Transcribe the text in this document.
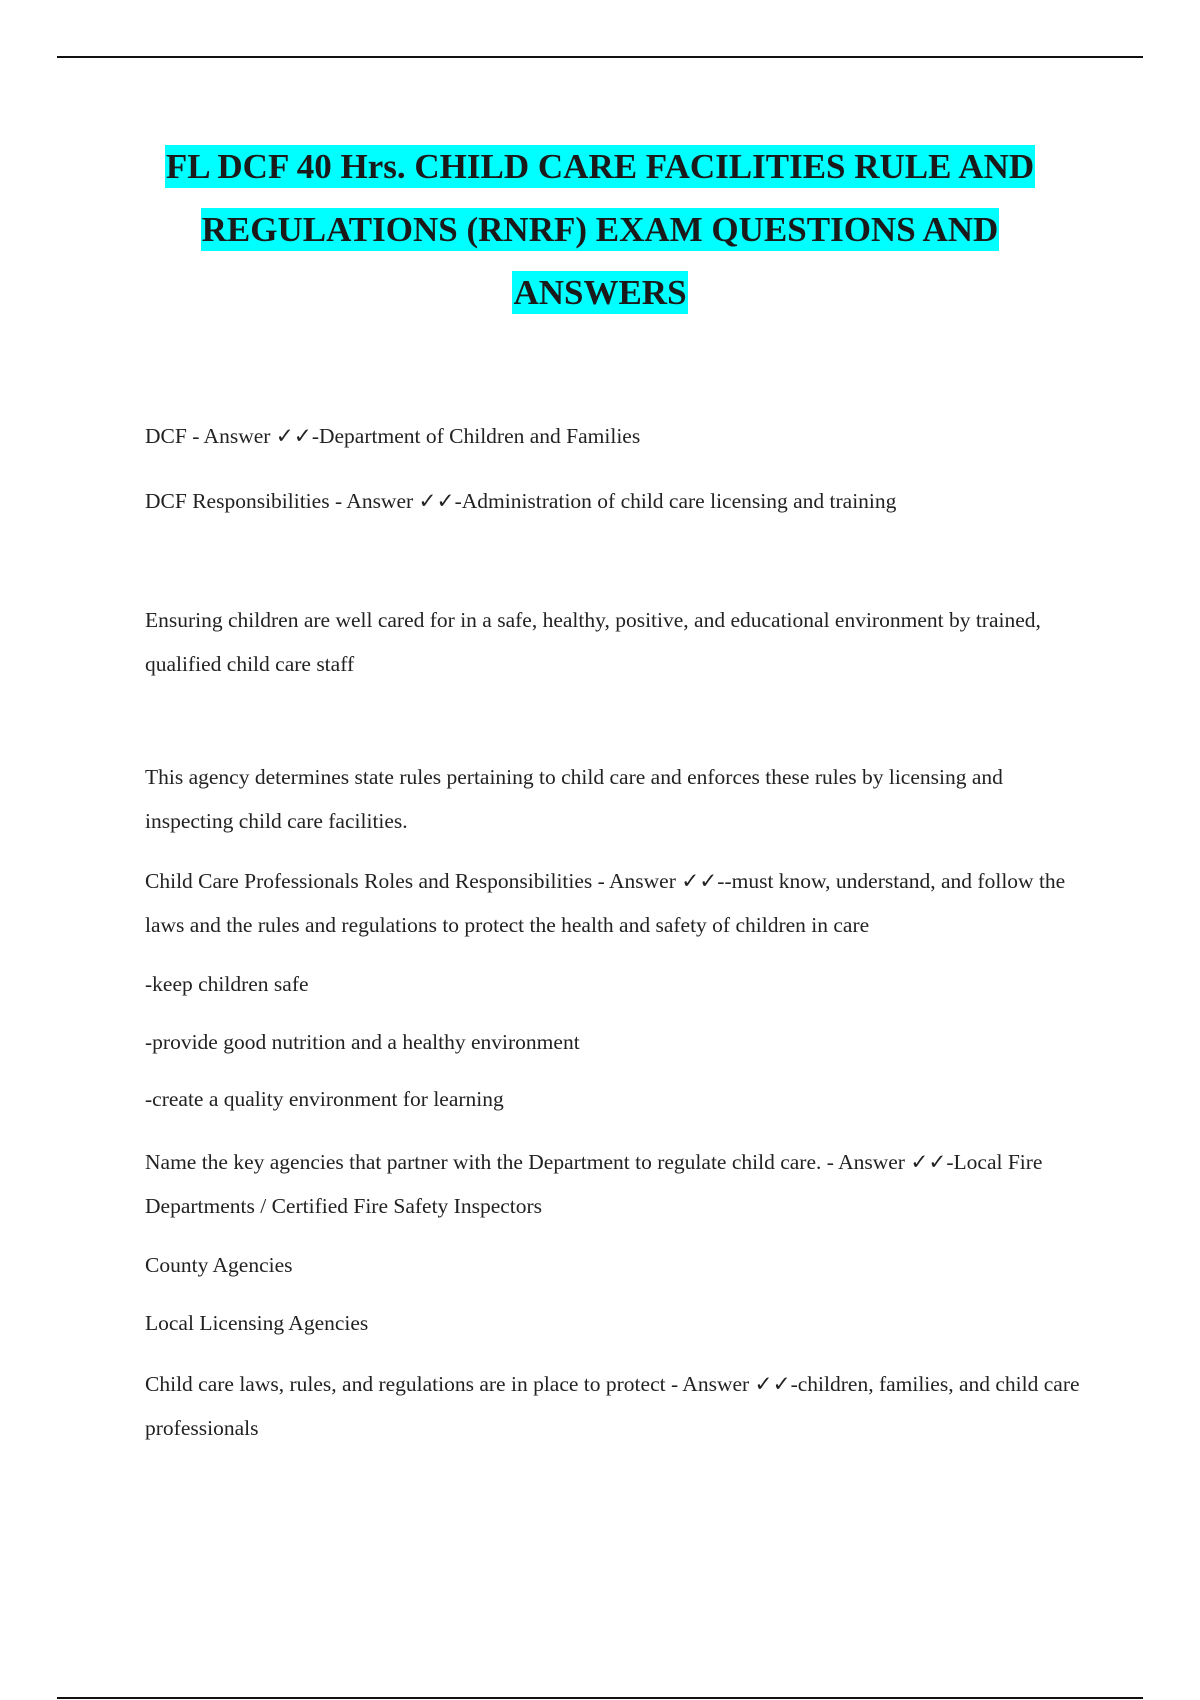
FL DCF 40 Hrs. CHILD CARE FACILITIES RULE AND
REGULATIONS (RNRF) EXAM QUESTIONS AND
ANSWERS

DCF - Answer ✓✓-Department of Children and Families

DCF Responsibilities - Answer ✓✓-Administration of child care licensing and training

Ensuring children are well cared for in a safe, healthy, positive, and educational environment by trained, qualified child care staff

This agency determines state rules pertaining to child care and enforces these rules by licensing and inspecting child care facilities.

Child Care Professionals Roles and Responsibilities - Answer ✓✓--must know, understand, and follow the laws and the rules and regulations to protect the health and safety of children in care

-keep children safe

-provide good nutrition and a healthy environment

-create a quality environment for learning

Name the key agencies that partner with the Department to regulate child care. - Answer ✓✓-Local Fire Departments / Certified Fire Safety Inspectors

County Agencies

Local Licensing Agencies

Child care laws, rules, and regulations are in place to protect - Answer ✓✓-children, families, and child care professionals
